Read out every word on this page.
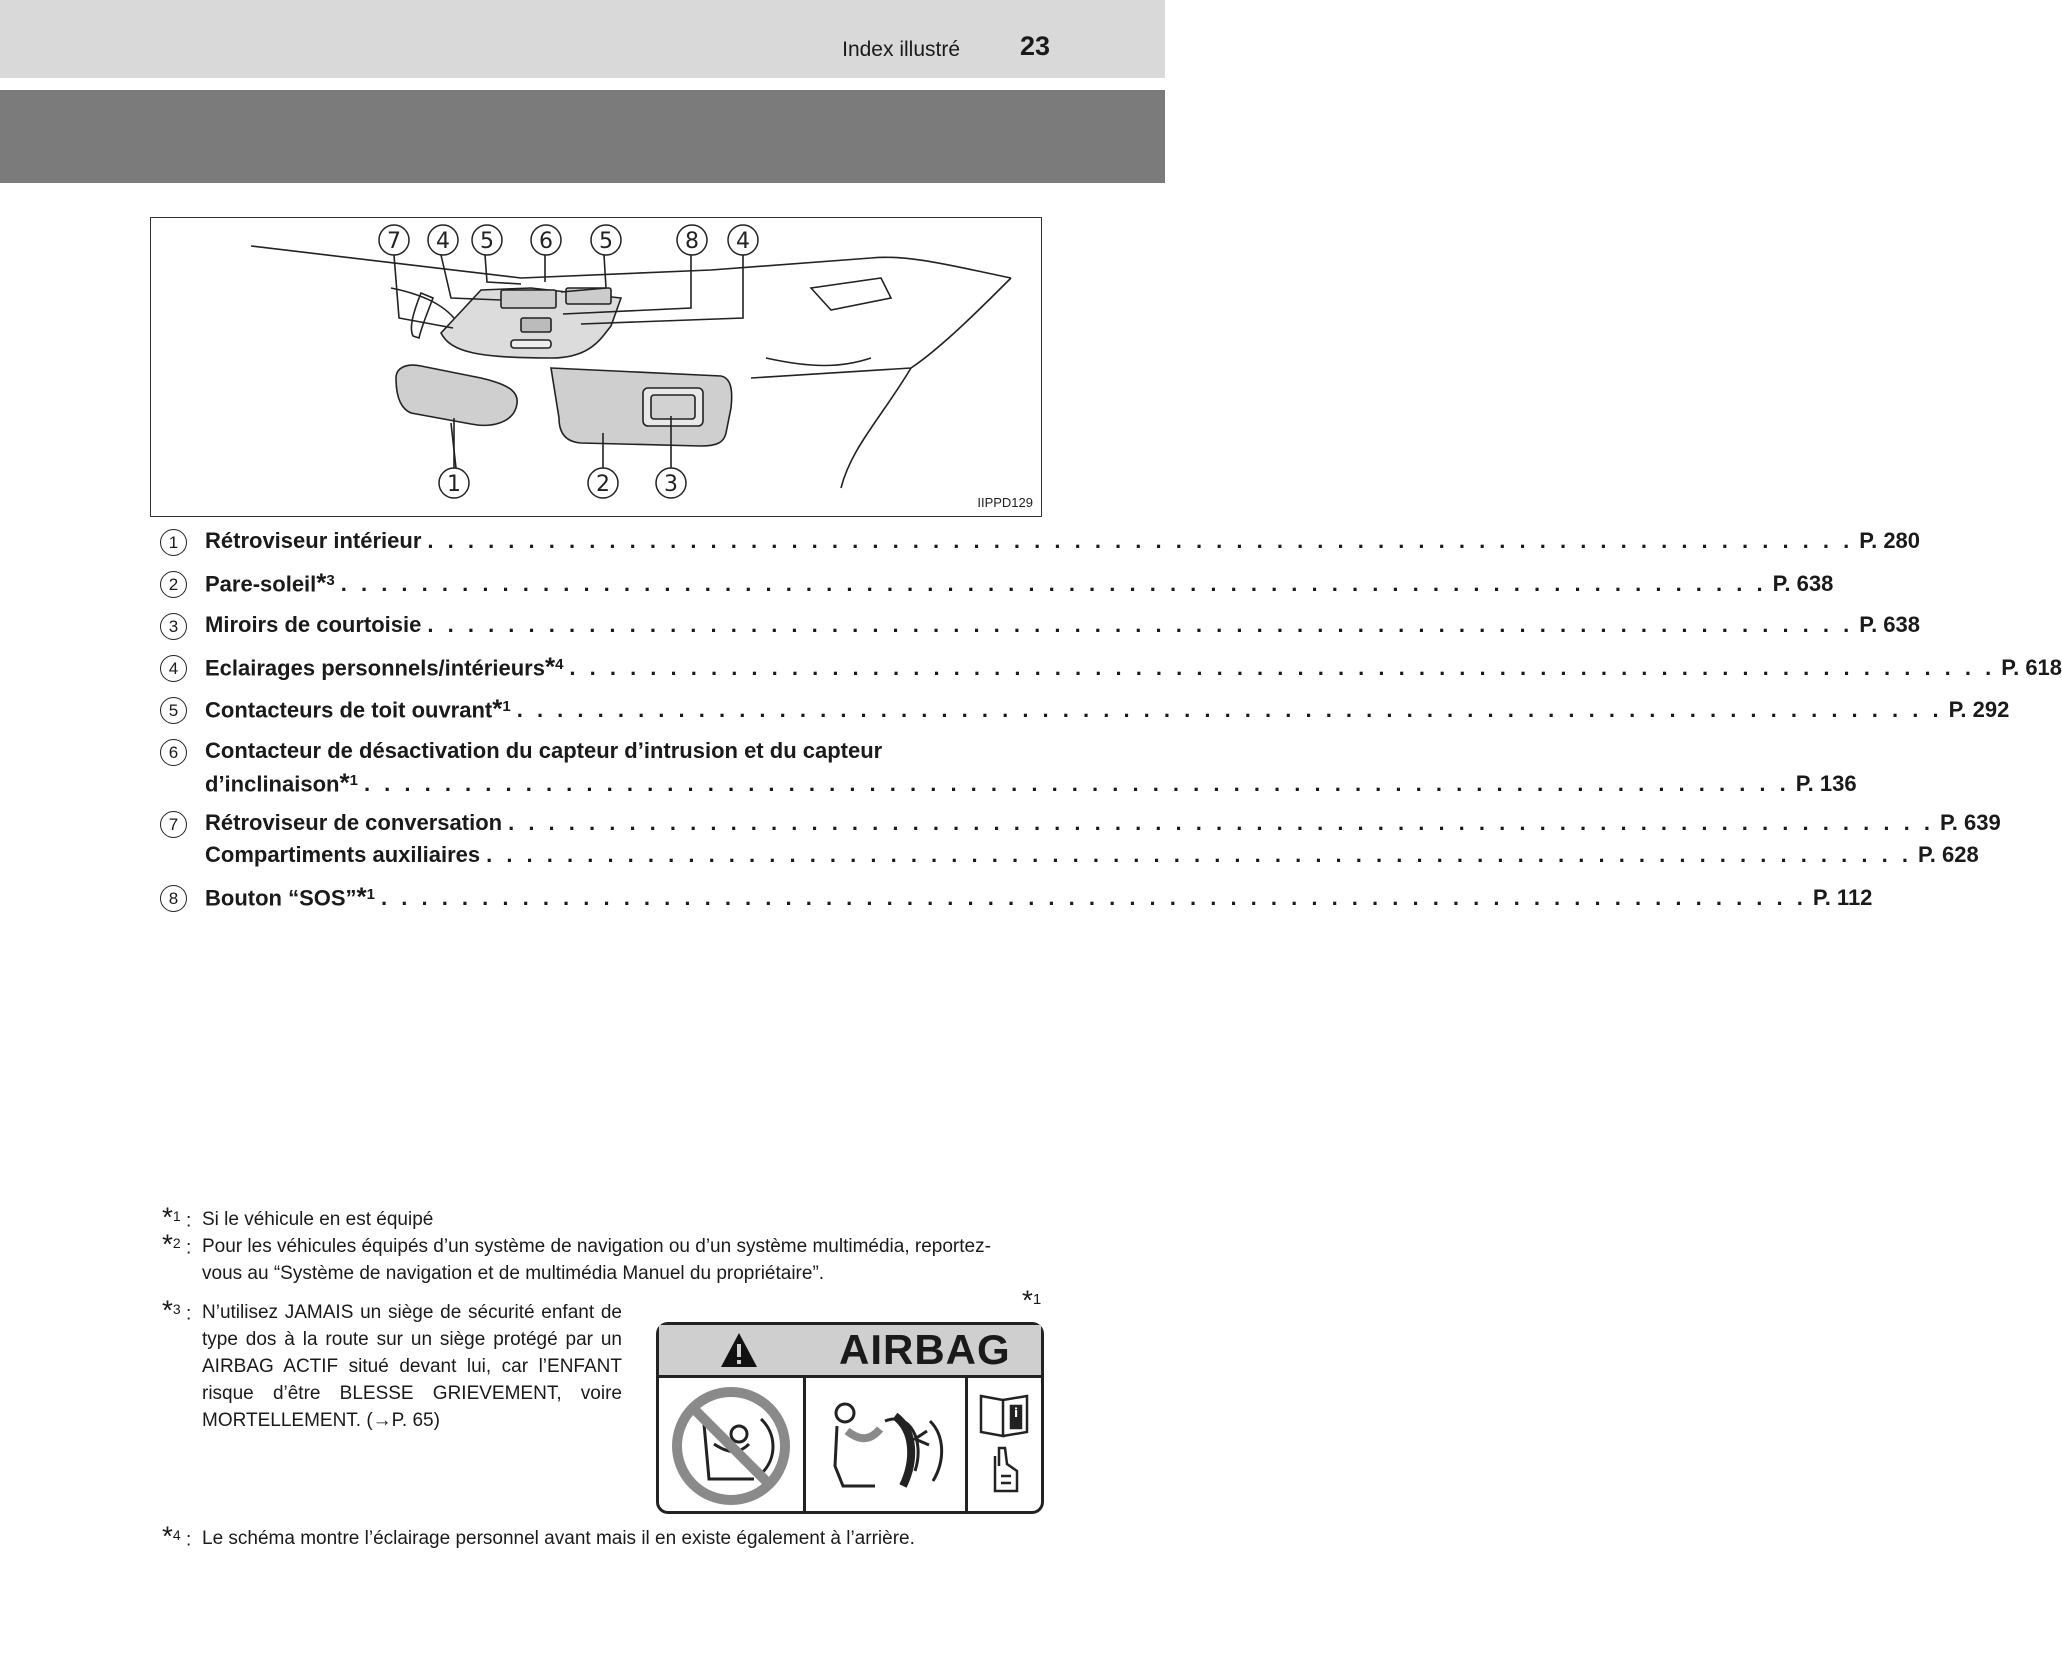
Index illustré 23
7 4 5 6 5	8 4
1	2 3
IIPPD129
1	Rétroviseur intérieur . . .	P. 280
2	Pare-soleil*$^3$ . . .	P. 638
3	Miroirs de courtoisie . . .	P. 638
4	Eclairages personnels/intérieurs*$^4$ . . .	P. 618
5	Contacteurs de toit ouvrant*$^1$ . . .	P. 292
6	Contacteur de désactivation du capteur d’intrusion et du capteur
d’inclinaison*$^1$ . . .	P. 136
7	Rétroviseur de conversation . . .	P. 639
Compartiments auxiliaires . . .	P. 628
8	Bouton “SOS”*$^1$ . . .	P. 112
*$^1$ : Si le véhicule en est équipé
*$^2$ : Pour les véhicules équipés d’un système de navigation ou d’un système multimédia, reportez-vous au “Système de navigation et de multimédia Manuel du propriétaire”.
*$^3$ : N’utilisez JAMAIS un siège de sécurité enfant de type dos à la route sur un siège protégé par un AIRBAG ACTIF situé devant lui, car l’ENFANT risque d’être BLESSE GRIEVEMENT, voire MORTELLEMENT. (→P. 65)
*$^4$ : Le schéma montre l’éclairage personnel avant mais il en existe également à l’arrière.
*$^1$
AIRBAG
i
